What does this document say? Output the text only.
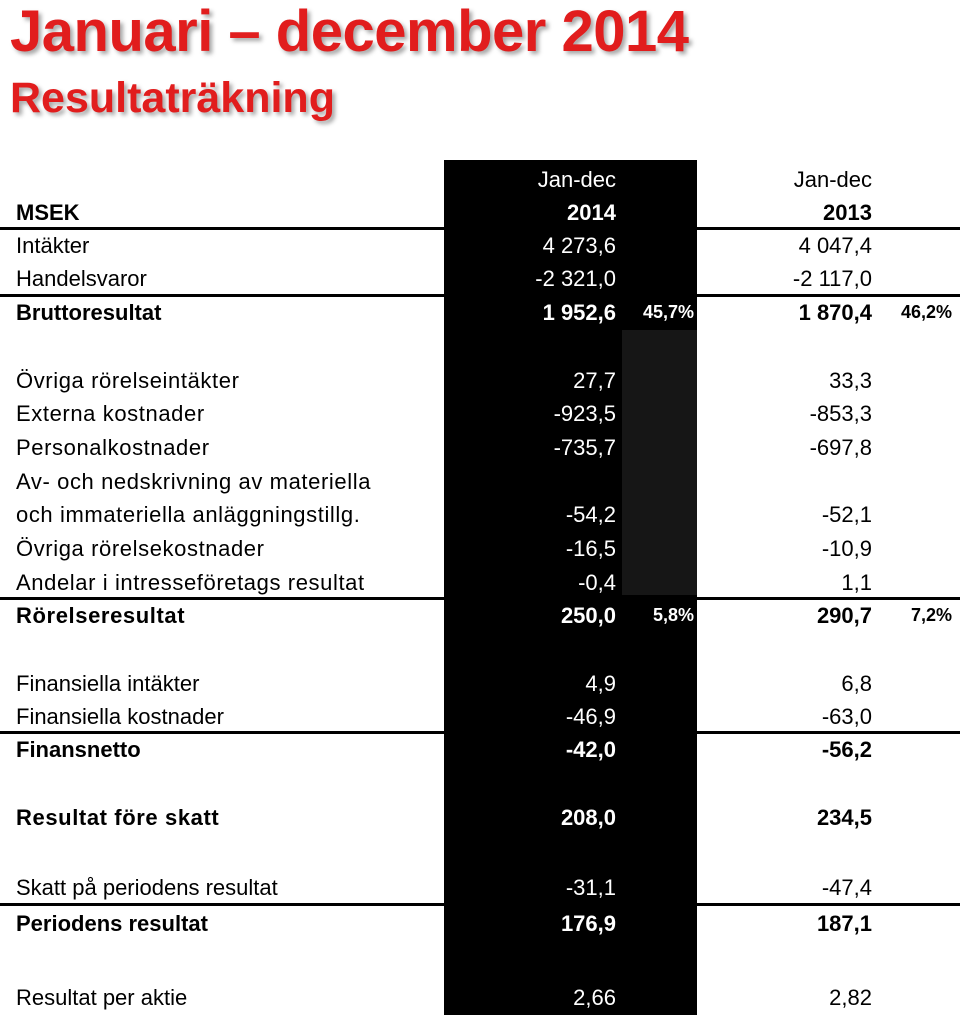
Januari – december 2014
Resultaträkning
Jan-dec	Jan-dec
MSEK	2014	2013
Intäkter	4 273,6	4 047,4
Handelsvaror	-2 321,0	-2 117,0
Bruttoresultat	1 952,6 45,7%	1 870,4 46,2%
Övriga rörelseintäkter	27,7	33,3
Externa kostnader	-923,5	-853,3
Personalkostnader	-735,7	-697,8
Av- och nedskrivning av materiella
och immateriella anläggningstillg.	-54,2	-52,1
Övriga rörelsekostnader	-16,5	-10,9
Andelar i intresseföretags resultat	-0,4	1,1
Rörelseresultat	250,0 5,8%	290,7 7,2%
Finansiella intäkter	4,9	6,8
Finansiella kostnader	-46,9	-63,0
Finansnetto	-42,0	-56,2
Resultat före skatt	208,0	234,5
Skatt på periodens resultat	-31,1	-47,4
Periodens resultat	176,9	187,1
Resultat per aktie	2,66	2,82
